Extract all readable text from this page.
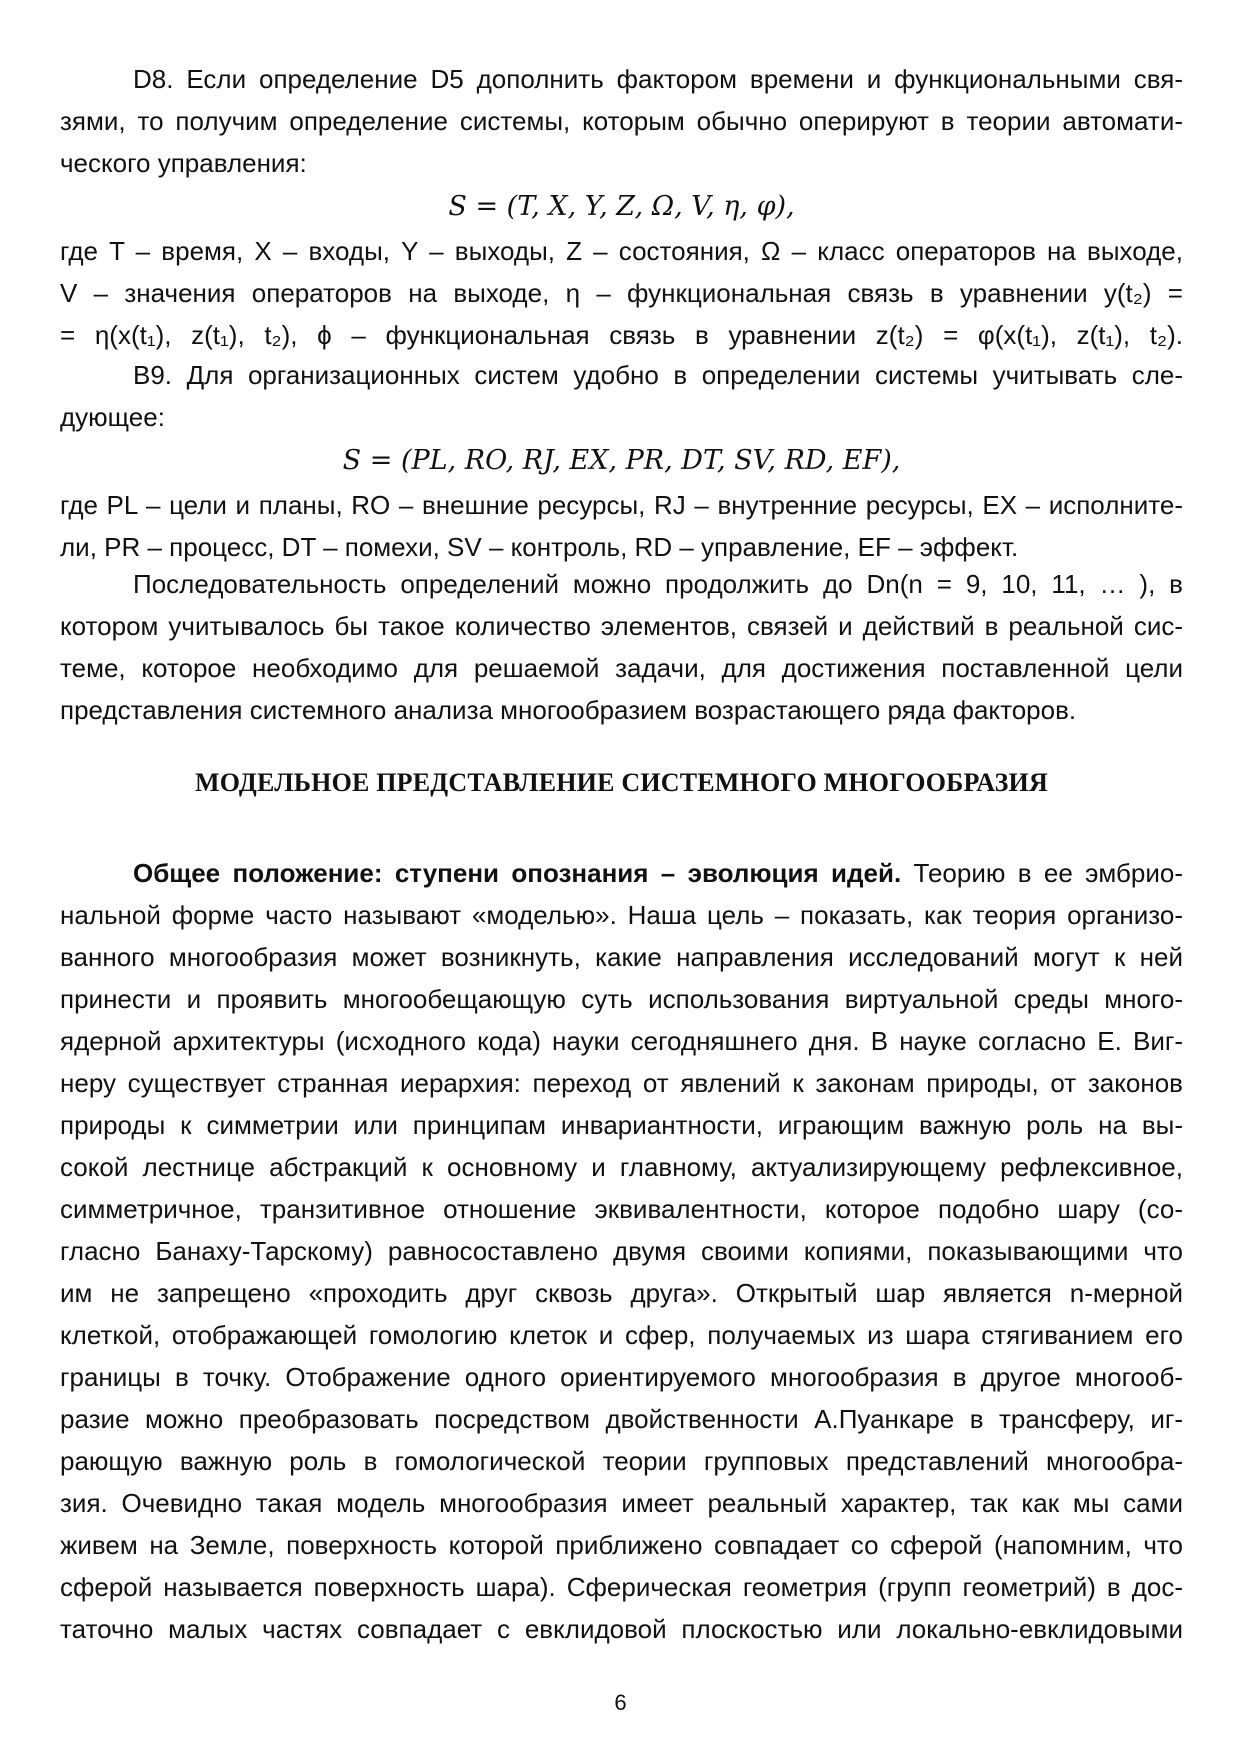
D8. Если определение D5 дополнить фактором времени и функциональными свя-
зями, то получим определение системы, которым обычно оперируют в теории автомати-
ческого управления:
S = (T, X, Y, Z, Ω, V, η, φ),
где T – время, X – входы, Y – выходы, Z – состояния, Ω – класс операторов на выходе,
V – значения операторов на выходе, η – функциональная связь в уравнении y(t₂) =
= η(x(t₁), z(t₁), t₂), ϕ – функциональная связь в уравнении z(t₂) = φ(x(t₁), z(t₁), t₂).
B9. Для организационных систем удобно в определении системы учитывать сле-
дующее:
S = (PL, RO, RJ, EX, PR, DT, SV, RD, EF),
где PL – цели и планы, RO – внешние ресурсы, RJ – внутренние ресурсы, EX – исполните-
ли, PR – процесс, DT – помехи, SV – контроль, RD – управление, EF – эффект.
Последовательность определений можно продолжить до Dn(n = 9, 10, 11, … ), в
котором учитывалось бы такое количество элементов, связей и действий в реальной сис-
теме, которое необходимо для решаемой задачи, для достижения поставленной цели
представления системного анализа многообразием возрастающего ряда факторов.
МОДЕЛЬНОЕ ПРЕДСТАВЛЕНИЕ СИСТЕМНОГО МНОГООБРАЗИЯ
Общее положение: ступени опознания – эволюция идей. Теорию в ее эмбрио-
нальной форме часто называют «моделью». Наша цель – показать, как теория организо-
ванного многообразия может возникнуть, какие направления исследований могут к ней
принести и проявить многообещающую суть использования виртуальной среды много-
ядерной архитектуры (исходного кода) науки сегодняшнего дня. В науке согласно Е. Виг-
неру существует странная иерархия: переход от явлений к законам природы, от законов
природы к симметрии или принципам инвариантности, играющим важную роль на вы-
сокой лестнице абстракций к основному и главному, актуализирующему рефлексивное,
симметричное, транзитивное отношение эквивалентности, которое подобно шару (со-
гласно Банаху-Тарскому) равносоставлено двумя своими копиями, показывающими что
им не запрещено «проходить друг сквозь друга». Открытый шар является n-мерной
клеткой, отображающей гомологию клеток и сфер, получаемых из шара стягиванием его
границы в точку. Отображение одного ориентируемого многообразия в другое многооб-
разие можно преобразовать посредством двойственности А.Пуанкаре в трансферу, иг-
рающую важную роль в гомологической теории групповых представлений многообра-
зия. Очевидно такая модель многообразия имеет реальный характер, так как мы сами
живем на Земле, поверхность которой приближено совпадает со сферой (напомним, что
сферой называется поверхность шара). Сферическая геометрия (групп геометрий) в дос-
таточно малых частях совпадает с евклидовой плоскостью или локально-евклидовыми
6
